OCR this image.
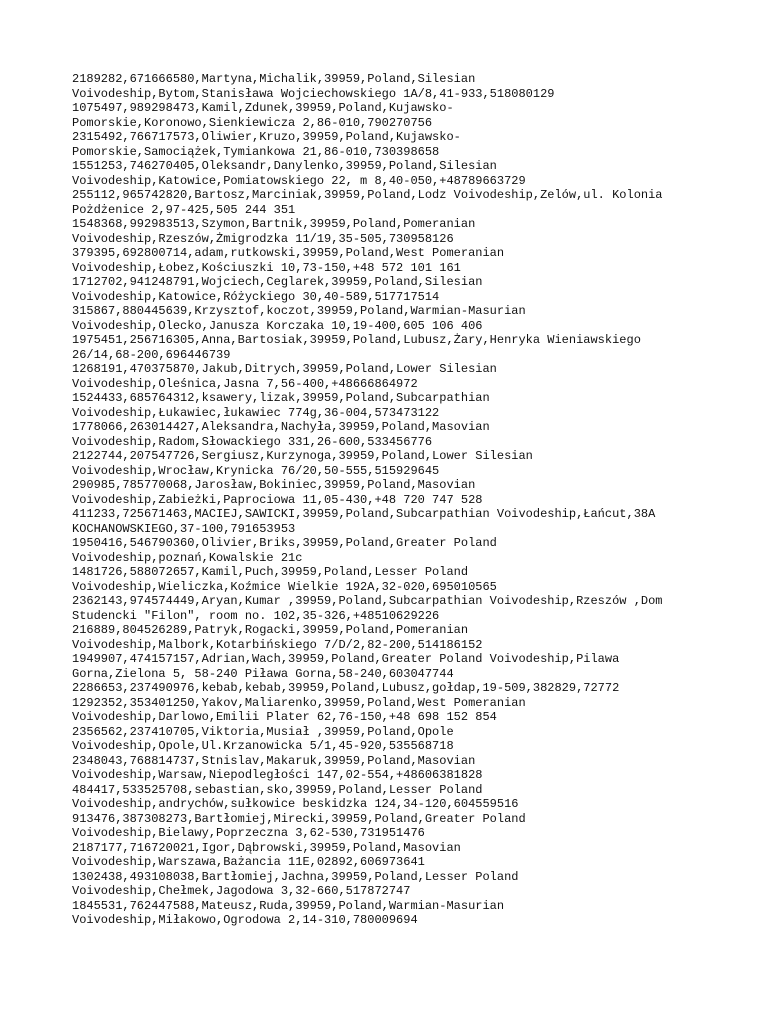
2189282,671666580,Martyna,Michalik,39959,Poland,Silesian
Voivodeship,Bytom,Stanisława Wojciechowskiego 1A/8,41-933,518080129
1075497,989298473,Kamil,Zdunek,39959,Poland,Kujawsko-
Pomorskie,Koronowo,Sienkiewicza 2,86-010,790270756
2315492,766717573,Oliwier,Kruzo,39959,Poland,Kujawsko-
Pomorskie,Samociążek,Tymiankowa 21,86-010,730398658
1551253,746270405,Oleksandr,Danylenko,39959,Poland,Silesian
Voivodeship,Katowice,Pomiatowskiego 22, m 8,40-050,+48789663729
255112,965742820,Bartosz,Marciniak,39959,Poland,Lodz Voivodeship,Zelów,ul. Kolonia
Pożdżenice 2,97-425,505 244 351
1548368,992983513,Szymon,Bartnik,39959,Poland,Pomeranian
Voivodeship,Rzeszów,Żmigrodzka 11/19,35-505,730958126
379395,692800714,adam,rutkowski,39959,Poland,West Pomeranian
Voivodeship,Łobez,Kościuszki 10,73-150,+48 572 101 161
1712702,941248791,Wojciech,Ceglarek,39959,Poland,Silesian
Voivodeship,Katowice,Różyckiego 30,40-589,517717514
315867,880445639,Krzysztof,koczot,39959,Poland,Warmian-Masurian
Voivodeship,Olecko,Janusza Korczaka 10,19-400,605 106 406
1975451,256716305,Anna,Bartosiak,39959,Poland,Lubusz,Żary,Henryka Wieniawskiego
26/14,68-200,696446739
1268191,470375870,Jakub,Ditrych,39959,Poland,Lower Silesian
Voivodeship,Oleśnica,Jasna 7,56-400,+48666864972
1524433,685764312,ksawery,lizak,39959,Poland,Subcarpathian
Voivodeship,Łukawiec,łukawiec 774g,36-004,573473122
1778066,263014427,Aleksandra,Nachyła,39959,Poland,Masovian
Voivodeship,Radom,Słowackiego 331,26-600,533456776
2122744,207547726,Sergiusz,Kurzynoga,39959,Poland,Lower Silesian
Voivodeship,Wrocław,Krynicka 76/20,50-555,515929645
290985,785770068,Jarosław,Bokiniec,39959,Poland,Masovian
Voivodeship,Zabieżki,Paprociowa 11,05-430,+48 720 747 528
411233,725671463,MACIEJ,SAWICKI,39959,Poland,Subcarpathian Voivodeship,Łańcut,38A
KOCHANOWSKIEGO,37-100,791653953
1950416,546790360,Olivier,Briks,39959,Poland,Greater Poland
Voivodeship,poznań,Kowalskie 21c
1481726,588072657,Kamil,Puch,39959,Poland,Lesser Poland
Voivodeship,Wieliczka,Koźmice Wielkie 192A,32-020,695010565
2362143,974574449,Aryan,Kumar ,39959,Poland,Subcarpathian Voivodeship,Rzeszów ,Dom
Studencki "Filon", room no. 102,35-326,+48510629226
216889,804526289,Patryk,Rogacki,39959,Poland,Pomeranian
Voivodeship,Malbork,Kotarbińskiego 7/D/2,82-200,514186152
1949907,474157157,Adrian,Wach,39959,Poland,Greater Poland Voivodeship,Pilawa
Gorna,Zielona 5, 58-240 Piława Gorna,58-240,603047744
2286653,237490976,kebab,kebab,39959,Poland,Lubusz,gołdap,19-509,382829,72772
1292352,353401250,Yakov,Maliarenko,39959,Poland,West Pomeranian
Voivodeship,Darlowo,Emilii Plater 62,76-150,+48 698 152 854
2356562,237410705,Viktoria,Musiał ,39959,Poland,Opole
Voivodeship,Opole,Ul.Krzanowicka 5/1,45-920,535568718
2348043,768814737,Stnislav,Makaruk,39959,Poland,Masovian
Voivodeship,Warsaw,Niepodległości 147,02-554,+48606381828
484417,533525708,sebastian,sko,39959,Poland,Lesser Poland
Voivodeship,andrychów,sułkowice beskidzka 124,34-120,604559516
913476,387308273,Bartłomiej,Mirecki,39959,Poland,Greater Poland
Voivodeship,Bielawy,Poprzeczna 3,62-530,731951476
2187177,716720021,Igor,Dąbrowski,39959,Poland,Masovian
Voivodeship,Warszawa,Bażancia 11E,02892,606973641
1302438,493108038,Bartłomiej,Jachna,39959,Poland,Lesser Poland
Voivodeship,Chełmek,Jagodowa 3,32-660,517872747
1845531,762447588,Mateusz,Ruda,39959,Poland,Warmian-Masurian
Voivodeship,Miłakowo,Ogrodowa 2,14-310,780009694
